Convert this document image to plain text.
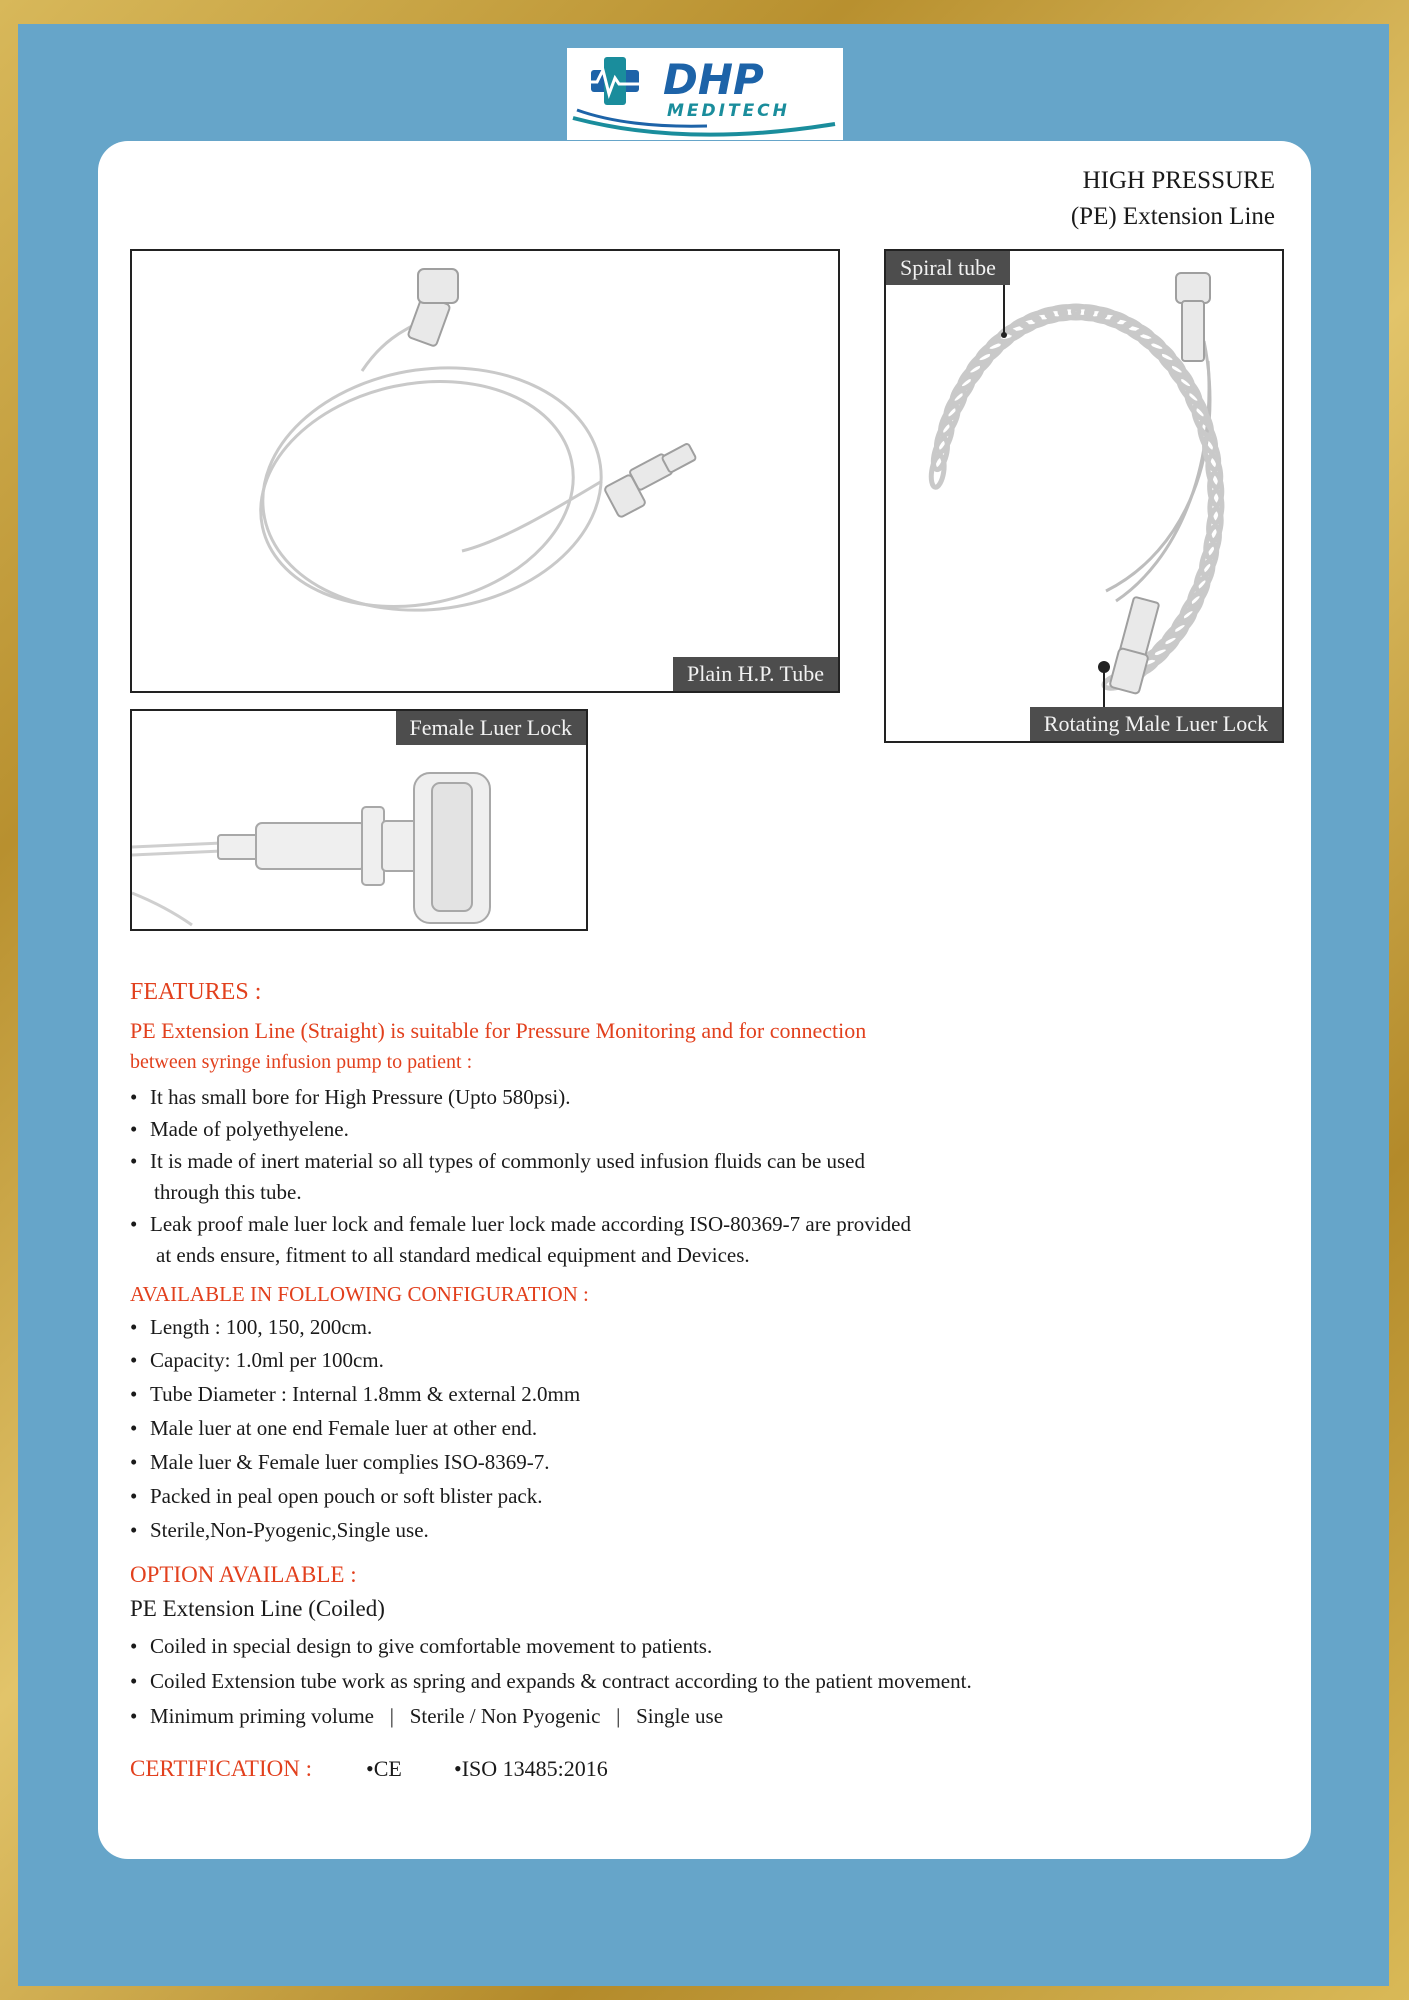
DHP
MEDITECH
HIGH PRESSURE
(PE) Extension Line
Plain H.P. Tube
Spiral tube
Rotating Male Luer Lock
Female Luer Lock
FEATURES :
PE Extension Line (Straight) is suitable for Pressure Monitoring and for connection
between syringe infusion pump to patient :
• It has small bore for High Pressure (Upto 580psi).
• Made of polyethyelene.
• It is made of inert material so all types of commonly used infusion fluids can be used
through this tube.
• Leak proof male luer lock and female luer lock made according ISO-80369-7 are provided
at ends ensure, fitment to all standard medical equipment and Devices.
AVAILABLE IN FOLLOWING CONFIGURATION :
• Length : 100, 150, 200cm.
• Capacity: 1.0ml per 100cm.
• Tube Diameter : Internal 1.8mm & external 2.0mm
• Male luer at one end Female luer at other end.
• Male luer & Female luer complies ISO-8369-7.
• Packed in peal open pouch or soft blister pack.
• Sterile,Non-Pyogenic,Single use.
OPTION AVAILABLE :
PE Extension Line (Coiled)
• Coiled in special design to give comfortable movement to patients.
• Coiled Extension tube work as spring and expands & contract according to the patient movement.
• Minimum priming volume   |   Sterile / Non Pyogenic   |   Single use
CERTIFICATION : •CE •ISO 13485:2016
